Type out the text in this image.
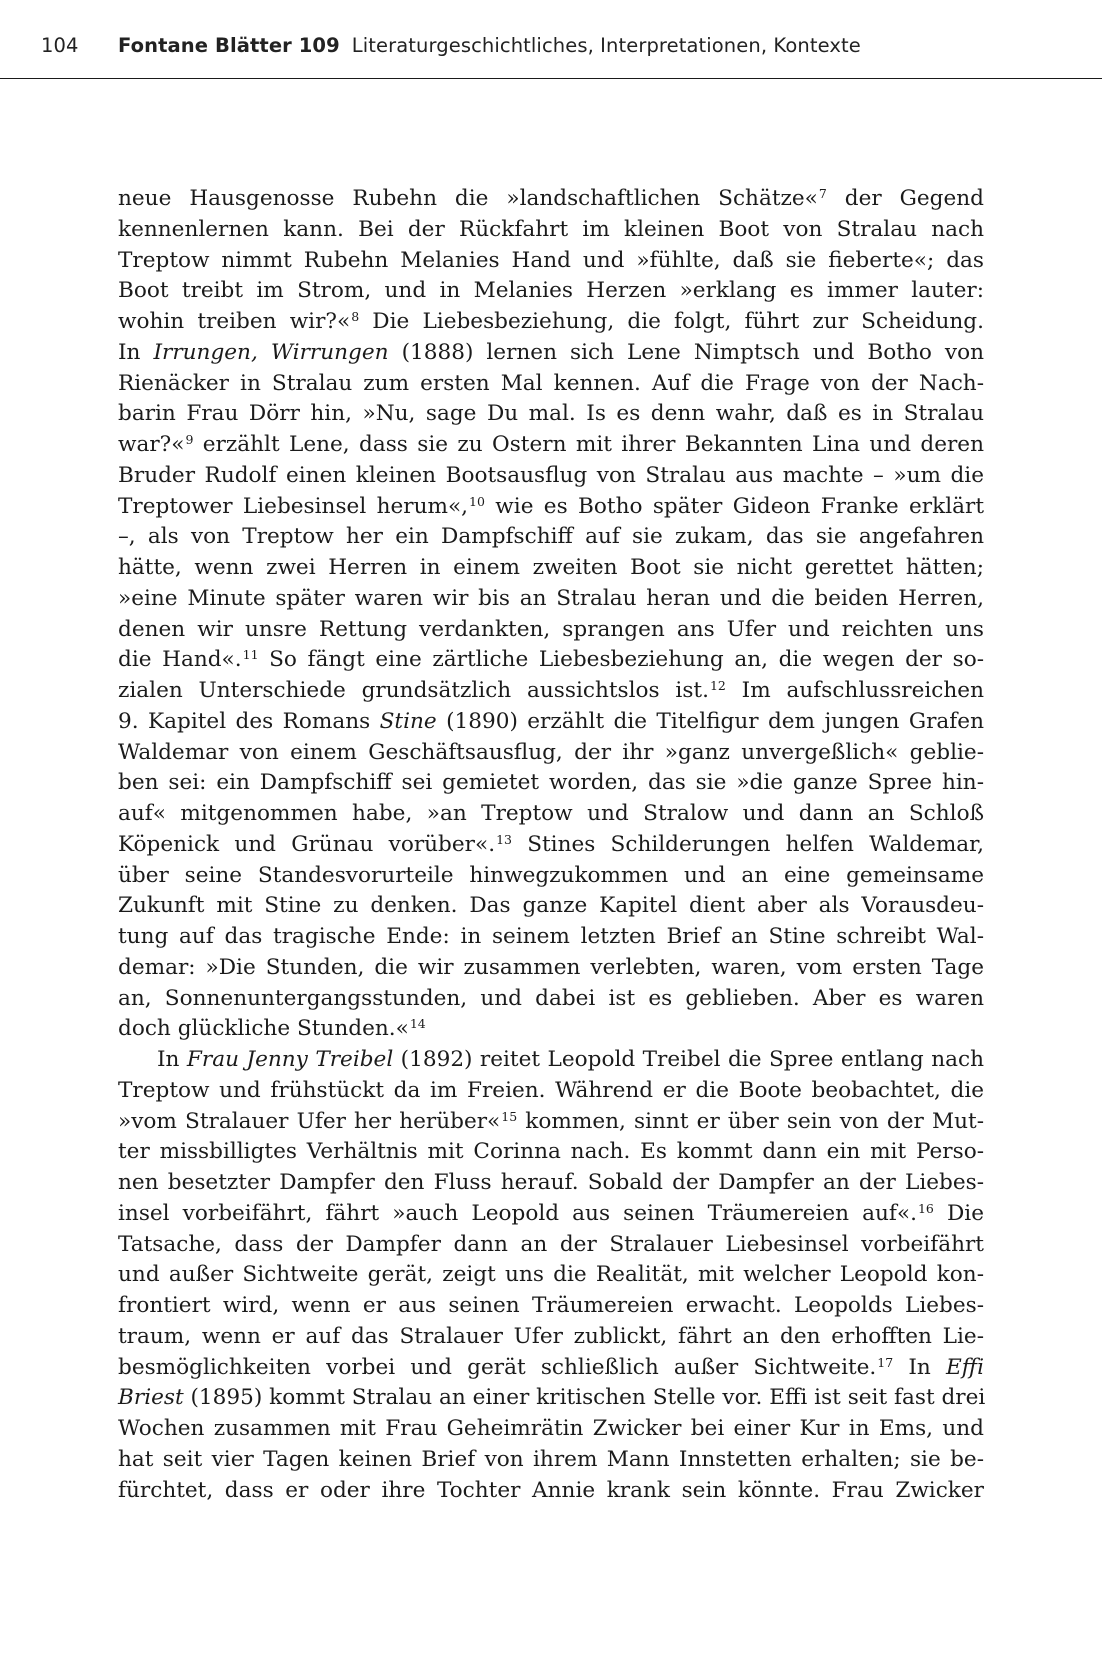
104 Fontane Blätter 109 Literaturgeschichtliches, Interpretationen, Kontexte
neue Hausgenosse Rubehn die »landschaftlichen Schätze«$^7$ der Gegend
kennenlernen kann. Bei der Rückfahrt im kleinen Boot von Stralau nach
Treptow nimmt Rubehn Melanies Hand und »fühlte, daß sie fieberte«; das
Boot treibt im Strom, und in Melanies Herzen »erklang es immer lauter:
wohin treiben wir?«$^8$ Die Liebesbeziehung, die folgt, führt zur Scheidung.
In Irrungen, Wirrungen (1888) lernen sich Lene Nimptsch und Botho von
Rienäcker in Stralau zum ersten Mal kennen. Auf die Frage von der Nach-
barin Frau Dörr hin, »Nu, sage Du mal. Is es denn wahr, daß es in Stralau
war?«$^9$ erzählt Lene, dass sie zu Ostern mit ihrer Bekannten Lina und deren
Bruder Rudolf einen kleinen Bootsausflug von Stralau aus machte – »um die
Treptower Liebesinsel herum«,$^{10}$ wie es Botho später Gideon Franke erklärt
–, als von Treptow her ein Dampfschiff auf sie zukam, das sie angefahren
hätte, wenn zwei Herren in einem zweiten Boot sie nicht gerettet hätten;
»eine Minute später waren wir bis an Stralau heran und die beiden Herren,
denen wir unsre Rettung verdankten, sprangen ans Ufer und reichten uns
die Hand«.$^{11}$ So fängt eine zärtliche Liebesbeziehung an, die wegen der so-
zialen Unterschiede grundsätzlich aussichtslos ist.$^{12}$ Im aufschlussreichen
9. Kapitel des Romans Stine (1890) erzählt die Titelfigur dem jungen Grafen
Waldemar von einem Geschäftsausflug, der ihr »ganz unvergeßlich« geblie-
ben sei: ein Dampfschiff sei gemietet worden, das sie »die ganze Spree hin-
auf« mitgenommen habe, »an Treptow und Stralow und dann an Schloß
Köpenick und Grünau vorüber«.$^{13}$ Stines Schilderungen helfen Waldemar,
über seine Standesvorurteile hinwegzukommen und an eine gemeinsame
Zukunft mit Stine zu denken. Das ganze Kapitel dient aber als Vorausdeu-
tung auf das tragische Ende: in seinem letzten Brief an Stine schreibt Wal-
demar: »Die Stunden, die wir zusammen verlebten, waren, vom ersten Tage
an, Sonnenuntergangsstunden, und dabei ist es geblieben. Aber es waren
doch glückliche Stunden.«$^{14}$
In Frau Jenny Treibel (1892) reitet Leopold Treibel die Spree entlang nach
Treptow und frühstückt da im Freien. Während er die Boote beobachtet, die
»vom Stralauer Ufer her herüber«$^{15}$ kommen, sinnt er über sein von der Mut-
ter missbilligtes Verhältnis mit Corinna nach. Es kommt dann ein mit Perso-
nen besetzter Dampfer den Fluss herauf. Sobald der Dampfer an der Liebes-
insel vorbeifährt, fährt »auch Leopold aus seinen Träumereien auf«.$^{16}$ Die
Tatsache, dass der Dampfer dann an der Stralauer Liebesinsel vorbeifährt
und außer Sichtweite gerät, zeigt uns die Realität, mit welcher Leopold kon-
frontiert wird, wenn er aus seinen Träumereien erwacht. Leopolds Liebes-
traum, wenn er auf das Stralauer Ufer zublickt, fährt an den erhofften Lie-
besmöglichkeiten vorbei und gerät schließlich außer Sichtweite.$^{17}$ In Effi
Briest (1895) kommt Stralau an einer kritischen Stelle vor. Effi ist seit fast drei
Wochen zusammen mit Frau Geheimrätin Zwicker bei einer Kur in Ems, und
hat seit vier Tagen keinen Brief von ihrem Mann Innstetten erhalten; sie be-
fürchtet, dass er oder ihre Tochter Annie krank sein könnte. Frau Zwicker
